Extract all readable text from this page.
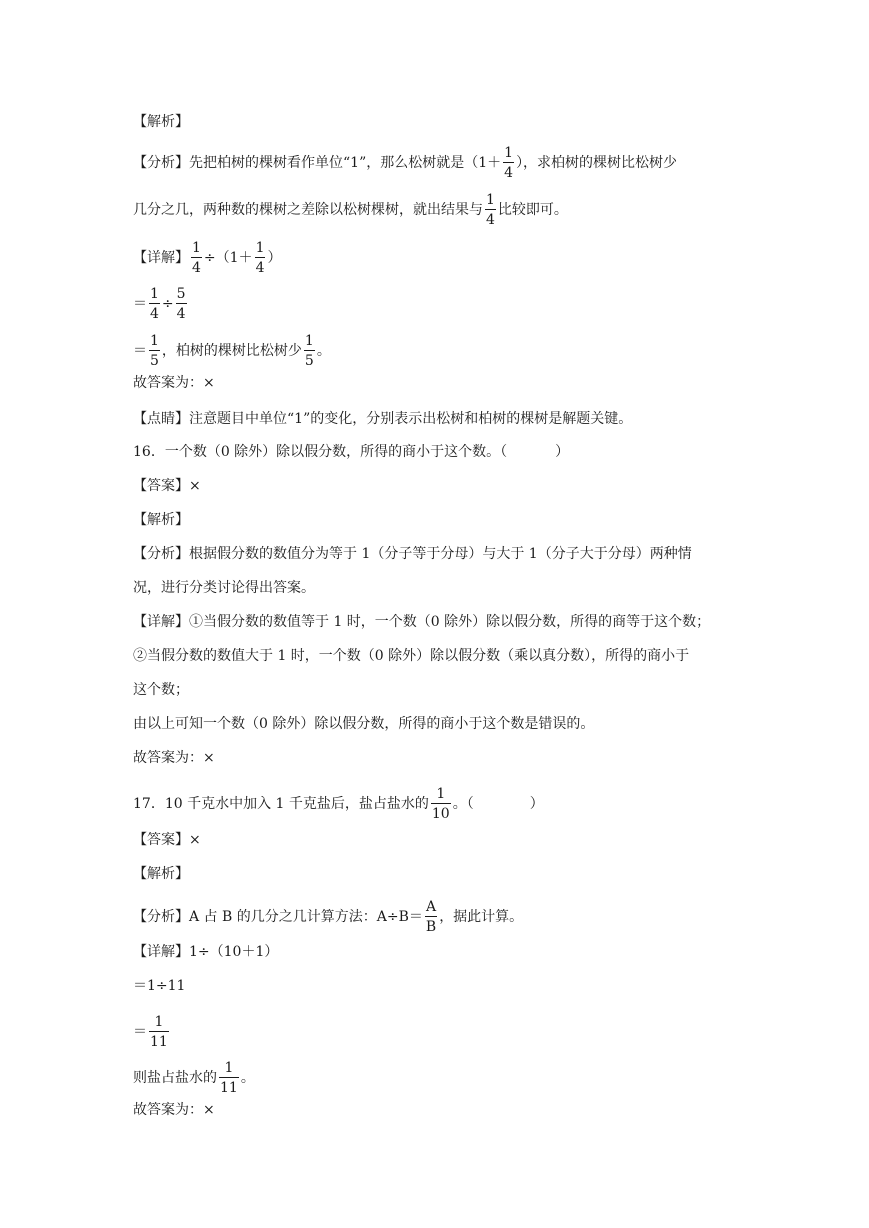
【解析】
【分析】先把柏树的棵树看作单位“1”，那么松树就是（$1+ \frac{1}{4}$ ），求柏树的棵树比松树少
几分之几，两种数的棵树之差除以松树棵树，就出结果与 $\frac{1}{4}$ 比较即可。
【详解】 $\frac{1}{4} \div(1+ \frac{1}{4}$ ）
＝ $\frac{1}{4} \div \frac{5}{4}$
＝ $\frac{1}{5}$ ，柏树的棵树比松树少 $\frac{1}{5}$ 。
故答案为：×
【点睛】注意题目中单位“1”的变化，分别表示出松树和柏树的棵树是解题关键。
16．一个数（0 除外）除以假分数，所得的商小于这个数。（	）
【答案】×
【解析】
【分析】根据假分数的数值分为等于 1（分子等于分母）与大于 1（分子大于分母）两种情
况，进行分类讨论得出答案。
【详解】①当假分数的数值等于 1 时，一个数（0 除外）除以假分数，所得的商等于这个数；
②当假分数的数值大于 1 时，一个数（0 除外）除以假分数（乘以真分数），所得的商小于
这个数；
由以上可知一个数（0 除外）除以假分数，所得的商小于这个数是错误的。
故答案为：×
17．10 千克水中加入 1 千克盐后，盐占盐水的 $\frac{1}{10}$ 。（	）
【答案】×
【解析】
【分析】A 占 B 的几分之几计算方法：$A\div B= \frac{A}{B}$ ，据此计算。
【详解】1÷（10＋1）
＝1÷11
＝ $\frac{1}{11}$
则盐占盐水的 $\frac{1}{11}$ 。
故答案为：×
